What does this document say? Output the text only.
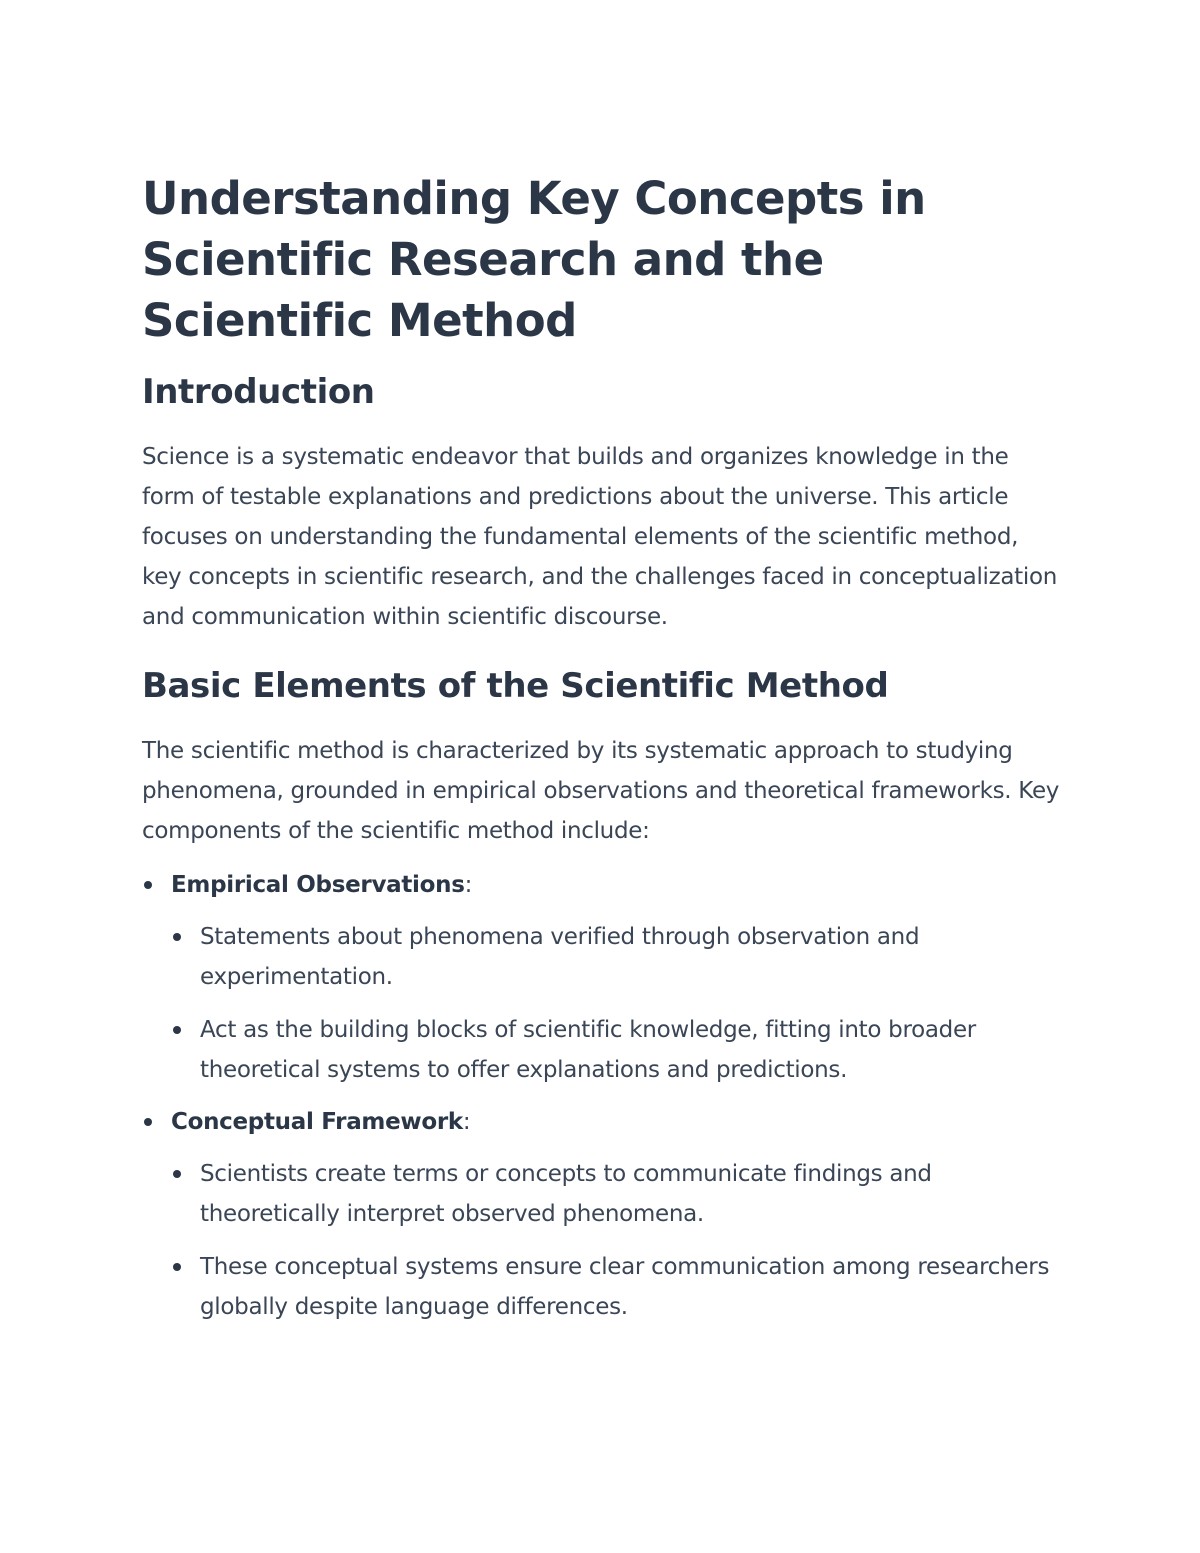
Understanding Key Concepts in Scientific Research and the Scientific Method
Introduction

Science is a systematic endeavor that builds and organizes knowledge in the form of testable explanations and predictions about the universe. This article focuses on understanding the fundamental elements of the scientific method, key concepts in scientific research, and the challenges faced in conceptualization and communication within scientific discourse.

Basic Elements of the Scientific Method

The scientific method is characterized by its systematic approach to studying phenomena, grounded in empirical observations and theoretical frameworks. Key components of the scientific method include:

Empirical Observations:
Statements about phenomena verified through observation and experimentation.
Act as the building blocks of scientific knowledge, fitting into broader theoretical systems to offer explanations and predictions.
Conceptual Framework:
Scientists create terms or concepts to communicate findings and theoretically interpret observed phenomena.
These conceptual systems ensure clear communication among researchers globally despite language differences.
